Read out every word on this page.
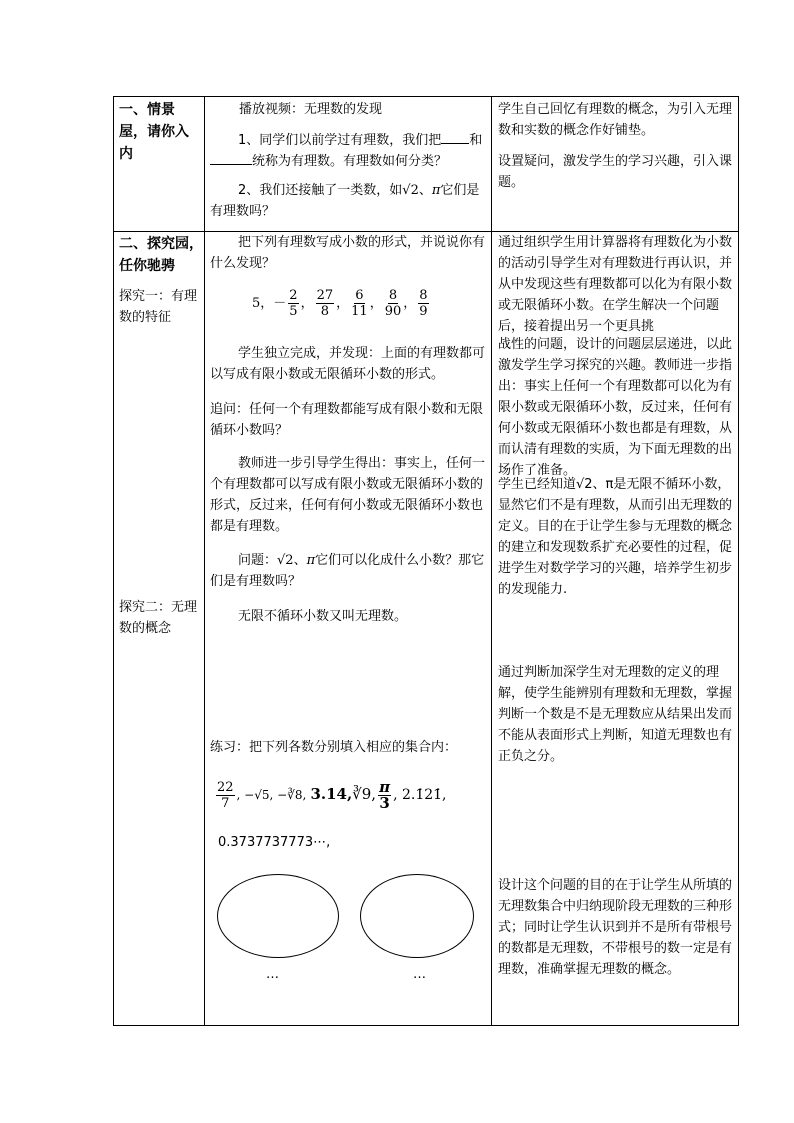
一、情景屋，请你入内
播放视频：无理数的发现
1、同学们以前学过有理数，我们把 和统称为有理数。有理数如何分类？
2、我们还接触了一类数，如√2、π它们是有理数吗？
学生自己回忆有理数的概念，为引入无理数和实数的概念作好铺垫。
设置疑问，激发学生的学习兴趣，引入课题。
二、探究园，任你驰骋
探究一：有理数的特征
探究二：无理数的概念
把下列有理数写成小数的形式，并说说你有什么发现？
5，－ $\frac{2}{5}$ ， $\frac{27}{8}$ ， $\frac{6}{11}$ ， $\frac{8}{90}$ ， $\frac{8}{9}$
学生独立完成，并发现：上面的有理数都可以写成有限小数或无限循环小数的形式。
追问：任何一个有理数都能写成有限小数和无限循环小数吗？
教师进一步引导学生得出：事实上，任何一个有理数都可以写成有限小数或无限循环小数的形式，反过来，任何有何小数或无限循环小数也都是有理数。
问题：√2、π它们可以化成什么小数？那它们是有理数吗？
无限不循环小数又叫无理数。
练习：把下列各数分别填入相应的集合内：
$\frac{22}{7}$ , −√5, −∛8, 3.14,∛9, $\frac{\pi}{3}$ , 2.1̇21̇,
0.3737737773⋯,
…	…
通过组织学生用计算器将有理数化为小数的活动引导学生对有理数进行再认识，并从中发现这些有理数都可以化为有限小数或无限循环小数。在学生解决一个问题后，接着提出另一个更具挑
战性的问题，设计的问题层层递进，以此激发学生学习探究的兴趣。教师进一步指出：事实上任何一个有理数都可以化为有限小数或无限循环小数，反过来，任何有何小数或无限循环小数也都是有理数，从而认清有理数的实质，为下面无理数的出场作了准备。
学生已经知道√2、π是无限不循环小数，显然它们不是有理数，从而引出无理数的定义。目的在于让学生参与无理数的概念的建立和发现数系扩充必要性的过程，促进学生对数学学习的兴趣，培养学生初步的发现能力.
通过判断加深学生对无理数的定义的理解，使学生能辨别有理数和无理数，掌握判断一个数是不是无理数应从结果出发而不能从表面形式上判断，知道无理数也有正负之分。
设计这个问题的目的在于让学生从所填的无理数集合中归纳现阶段无理数的三种形式；同时让学生认识到并不是所有带根号的数都是无理数，不带根号的数一定是有理数，准确掌握无理数的概念。
